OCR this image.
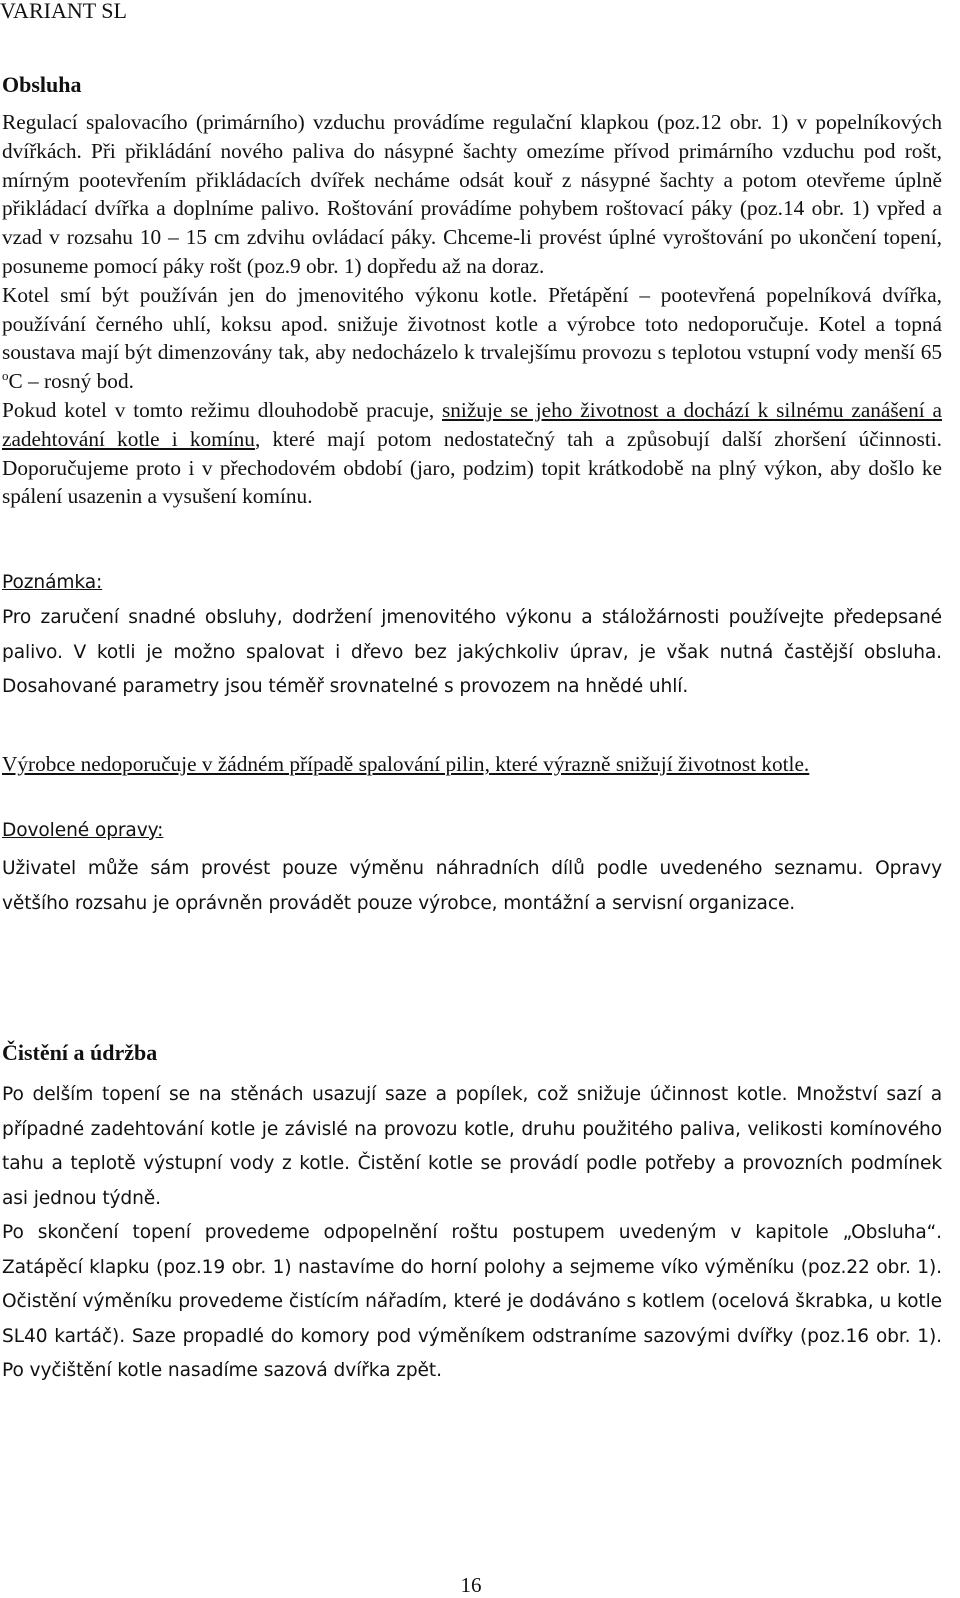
VARIANT SL
Obsluha

Regulací spalovacího (primárního) vzduchu provádíme regulační klapkou (poz.12 obr. 1) v popelníkových dvířkách. Při přikládání nového paliva do násypné šachty omezíme přívod primárního vzduchu pod rošt, mírným pootevřením přikládacích dvířek necháme odsát kouř z násypné šachty a potom otevřeme úplně přikládací dvířka a doplníme palivo. Roštování provádíme pohybem roštovací páky (poz.14 obr. 1) vpřed a vzad v rozsahu 10 – 15 cm zdvihu ovládací páky. Chceme-li provést úplné vyroštování po ukončení topení, posuneme pomocí páky rošt (poz.9 obr. 1) dopředu až na doraz.

Kotel smí být používán jen do jmenovitého výkonu kotle. Přetápění – pootevřená popelníková dvířka, používání černého uhlí, koksu apod. snižuje životnost kotle a výrobce toto nedoporučuje. Kotel a topná soustava mají být dimenzovány tak, aby nedocházelo k trvalejšímu provozu s teplotou vstupní vody menší 65 $^o$C – rosný bod.

Pokud kotel v tomto režimu dlouhodobě pracuje, snižuje se jeho životnost a dochází k silnému zanášení a zadehtování kotle i komínu, které mají potom nedostatečný tah a způsobují další zhoršení účinnosti. Doporučujeme proto i v přechodovém období (jaro, podzim) topit krátkodobě na plný výkon, aby došlo ke spálení usazenin a vysušení komínu.

Poznámka:

Pro zaručení snadné obsluhy, dodržení jmenovitého výkonu a stáložárnosti používejte předepsané palivo. V kotli je možno spalovat i dřevo bez jakýchkoliv úprav, je však nutná častější obsluha. Dosahované parametry jsou téměř srovnatelné s provozem na hnědé uhlí.

Výrobce nedoporučuje v žádném případě spalování pilin, které výrazně snižují životnost kotle.

Dovolené opravy:

Uživatel může sám provést pouze výměnu náhradních dílů podle uvedeného seznamu. Opravy většího rozsahu je oprávněn provádět pouze výrobce, montážní a servisní organizace.

Čistění a údržba

Po delším topení se na stěnách usazují saze a popílek, což snižuje účinnost kotle. Množství sazí a případné zadehtování kotle je závislé na provozu kotle, druhu použitého paliva, velikosti komínového tahu a teplotě výstupní vody z kotle. Čistění kotle se provádí podle potřeby a provozních podmínek asi jednou týdně.

Po skončení topení provedeme odpopelnění roštu postupem uvedeným v kapitole „Obsluha“. Zatápěcí klapku (poz.19 obr. 1) nastavíme do horní polohy a sejmeme víko výměníku (poz.22 obr. 1). Očistění výměníku provedeme čistícím nářadím, které je dodáváno s kotlem (ocelová škrabka, u kotle SL40 kartáč). Saze propadlé do komory pod výměníkem odstraníme sazovými dvířky (poz.16 obr. 1). Po vyčištění kotle nasadíme sazová dvířka zpět.

16
